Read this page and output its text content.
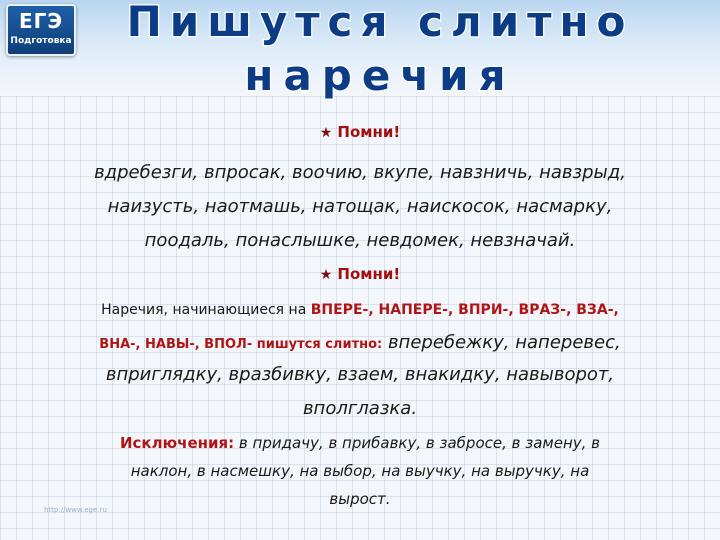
ЕГЭ
Подготовка Пишутся слитно
наречия
★ Помни!
вдребезги, впросак, воочию, вкупе, навзничь, навзрыд,
наизусть, наотмашь, натощак, наискосок, насмарку,
поодаль, понаслышке, невдомек, невзначай.
★ Помни!
Наречия, начинающиеся на ВПЕРЕ-, НАПЕРЕ-, ВПРИ-, ВРАЗ-, ВЗА-,
ВНА-, НАВЫ-, ВПОЛ- пишутся слитно: вперебежку, наперевес,
вприглядку, вразбивку, взаем, внакидку, навыворот,
вполглазка.
Исключения: в придачу, в прибавку, в забросе, в замену, в
наклон, в насмешку, на выбор, на выучку, на выручку, на
вырост.
http://www.ege.ru
